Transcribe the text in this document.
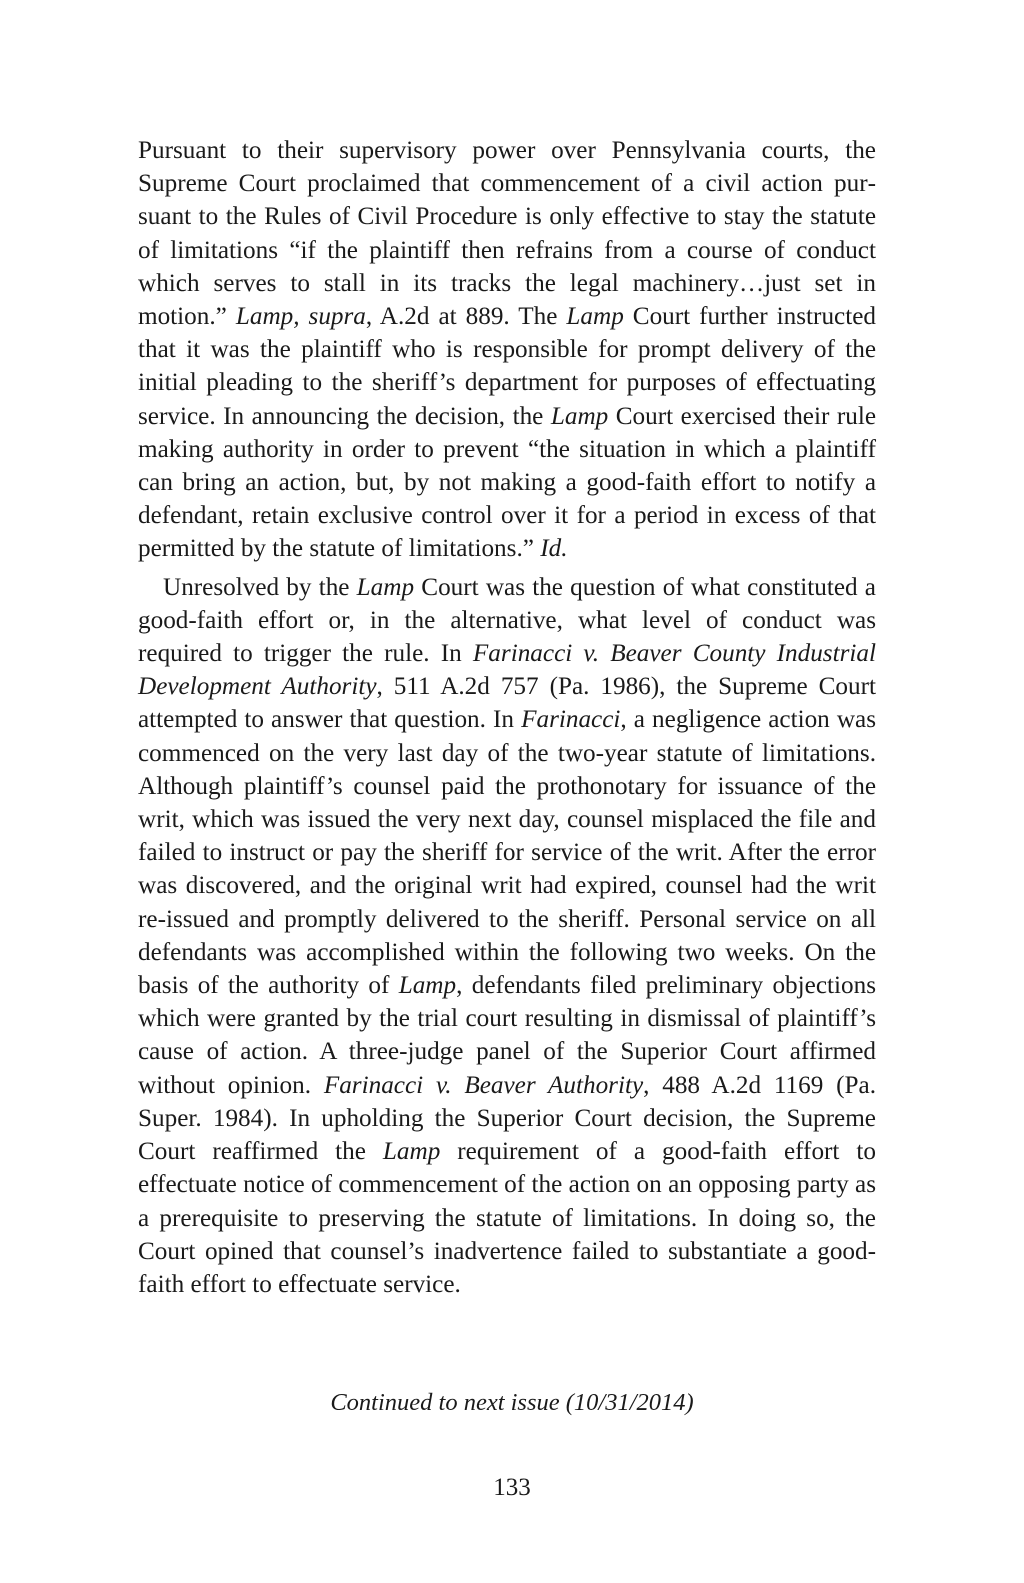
Pursuant to their supervisory power over Pennsylvania courts, the Supreme Court proclaimed that commencement of a civil action pursuant to the Rules of Civil Procedure is only effective to stay the statute of limitations “if the plaintiff then refrains from a course of conduct which serves to stall in its tracks the legal machinery…just set in motion.” Lamp, supra, A.2d at 889. The Lamp Court further instructed that it was the plaintiff who is responsible for prompt delivery of the initial pleading to the sheriff’s department for purposes of effectuating service. In announcing the decision, the Lamp Court exercised their rule making authority in order to prevent “the situation in which a plaintiff can bring an action, but, by not making a good-faith effort to notify a defendant, retain exclusive control over it for a period in excess of that permitted by the statute of limitations.” Id.

Unresolved by the Lamp Court was the question of what constituted a good-faith effort or, in the alternative, what level of conduct was required to trigger the rule. In Farinacci v. Beaver County Industrial Development Authority, 511 A.2d 757 (Pa. 1986), the Supreme Court attempted to answer that question. In Farinacci, a negligence action was commenced on the very last day of the two-year statute of limitations. Although plaintiff’s counsel paid the prothonotary for issuance of the writ, which was issued the very next day, counsel misplaced the file and failed to instruct or pay the sheriff for service of the writ. After the error was discovered, and the original writ had expired, counsel had the writ re-issued and promptly delivered to the sheriff. Personal service on all defendants was accomplished within the following two weeks. On the basis of the authority of Lamp, defendants filed preliminary objections which were granted by the trial court resulting in dismissal of plaintiff’s cause of action. A three-judge panel of the Superior Court affirmed without opinion. Farinacci v. Beaver Authority, 488 A.2d 1169 (Pa. Super. 1984). In upholding the Superior Court decision, the Supreme Court reaffirmed the Lamp requirement of a good-faith effort to effectuate notice of commencement of the action on an opposing party as a prerequisite to preserving the statute of limitations. In doing so, the Court opined that counsel’s inadvertence failed to substantiate a good-faith effort to effectuate service.

Continued to next issue (10/31/2014)
133
